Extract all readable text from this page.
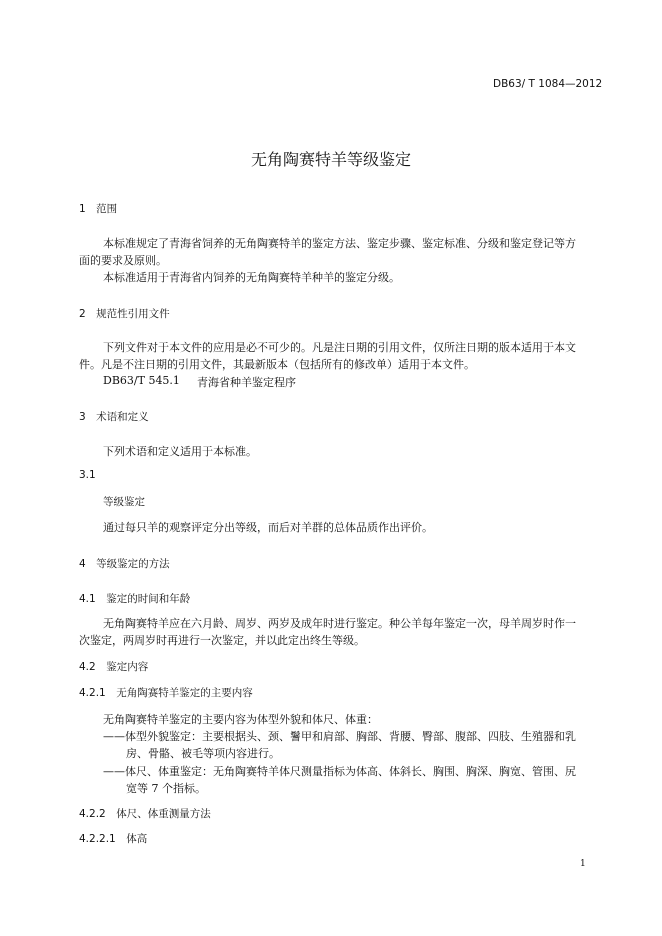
DB63/ T 1084—2012
无角陶赛特羊等级鉴定
1　范围
本标准规定了青海省饲养的无角陶赛特羊的鉴定方法、鉴定步骤、鉴定标准、分级和鉴定登记等方
面的要求及原则。
本标准适用于青海省内饲养的无角陶赛特羊种羊的鉴定分级。
2　规范性引用文件
下列文件对于本文件的应用是必不可少的。凡是注日期的引用文件，仅所注日期的版本适用于本文
件。凡是不注日期的引用文件，其最新版本（包括所有的修改单）适用于本文件。
DB63/T 545.1 青海省种羊鉴定程序
3　术语和定义
下列术语和定义适用于本标准。
3.1
等级鉴定
通过每只羊的观察评定分出等级，而后对羊群的总体品质作出评价。
4　等级鉴定的方法
4.1　鉴定的时间和年龄
无角陶赛特羊应在六月龄、周岁、两岁及成年时进行鉴定。种公羊每年鉴定一次，母羊周岁时作一
次鉴定，两周岁时再进行一次鉴定，并以此定出终生等级。
4.2　鉴定内容
4.2.1　无角陶赛特羊鉴定的主要内容
无角陶赛特羊鉴定的主要内容为体型外貌和体尺、体重：
——体型外貌鉴定：主要根据头、颈、鬐甲和肩部、胸部、背腰、臀部、腹部、四肢、生殖器和乳
房、骨骼、被毛等项内容进行。
——体尺、体重鉴定：无角陶赛特羊体尺测量指标为体高、体斜长、胸围、胸深、胸宽、管围、尻
宽等 7 个指标。
4.2.2　体尺、体重测量方法
4.2.2.1　体高
1
